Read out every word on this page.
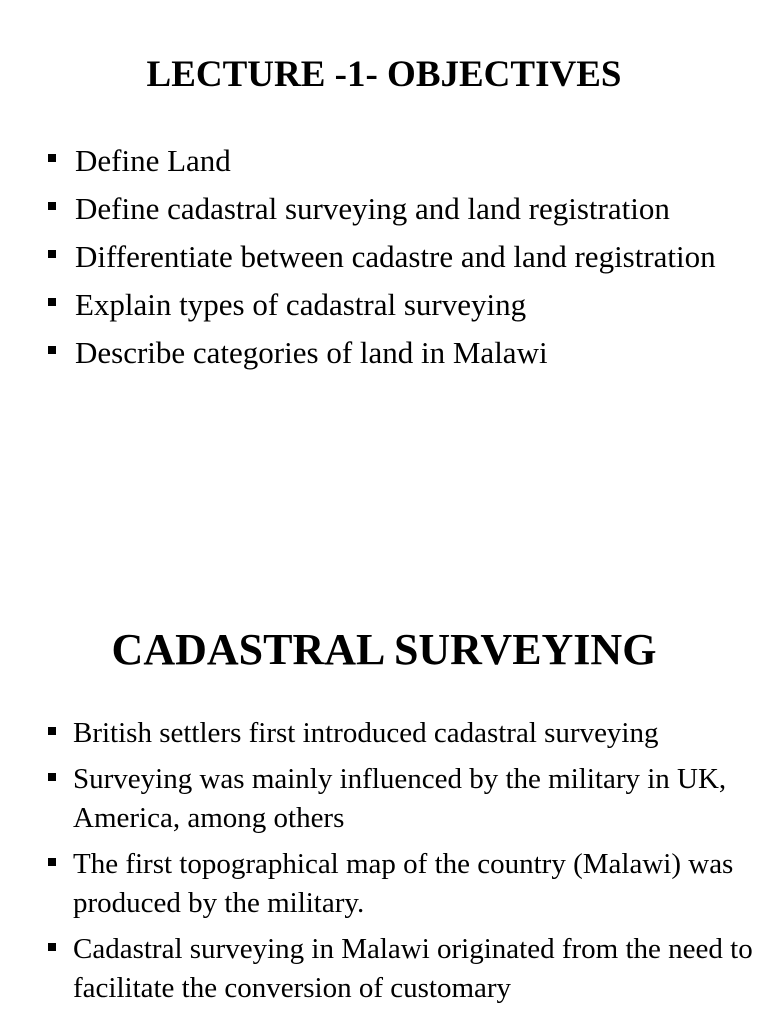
LECTURE -1- OBJECTIVES
Define Land
Define cadastral surveying and land registration
Differentiate between cadastre and land registration
Explain types of cadastral surveying
Describe categories of land in Malawi
CADASTRAL SURVEYING
British settlers first introduced cadastral surveying
Surveying was mainly influenced by the military in UK, America, among others
The first topographical map of the country (Malawi) was produced by the military.
Cadastral surveying in Malawi originated from the need to facilitate the conversion of customary
